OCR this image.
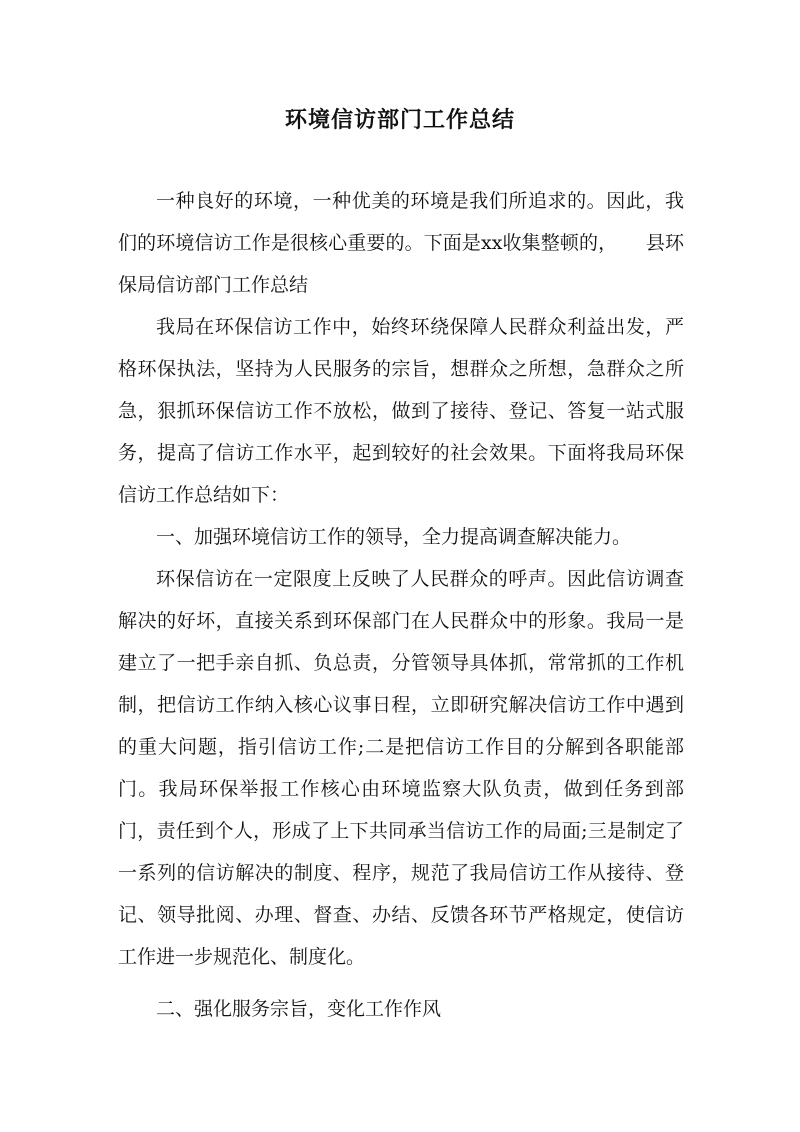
环境信访部门工作总结

一种良好的环境，一种优美的环境是我们所追求的。因此，我们的环境信访工作是很核心重要的。下面是xx收集整顿的，　　县环保局信访部门工作总结

我局在环保信访工作中，始终环绕保障人民群众利益出发，严格环保执法，坚持为人民服务的宗旨，想群众之所想，急群众之所急，狠抓环保信访工作不放松，做到了接待、登记、答复一站式服务，提高了信访工作水平，起到较好的社会效果。下面将我局环保信访工作总结如下：

一、加强环境信访工作的领导，全力提高调查解决能力。

环保信访在一定限度上反映了人民群众的呼声。因此信访调查解决的好坏，直接关系到环保部门在人民群众中的形象。我局一是建立了一把手亲自抓、负总责，分管领导具体抓，常常抓的工作机制，把信访工作纳入核心议事日程，立即研究解决信访工作中遇到的重大问题，指引信访工作;二是把信访工作目的分解到各职能部门。我局环保举报工作核心由环境监察大队负责，做到任务到部门，责任到个人，形成了上下共同承当信访工作的局面;三是制定了一系列的信访解决的制度、程序，规范了我局信访工作从接待、登记、领导批阅、办理、督查、办结、反馈各环节严格规定，使信访工作进一步规范化、制度化。

二、强化服务宗旨，变化工作作风
